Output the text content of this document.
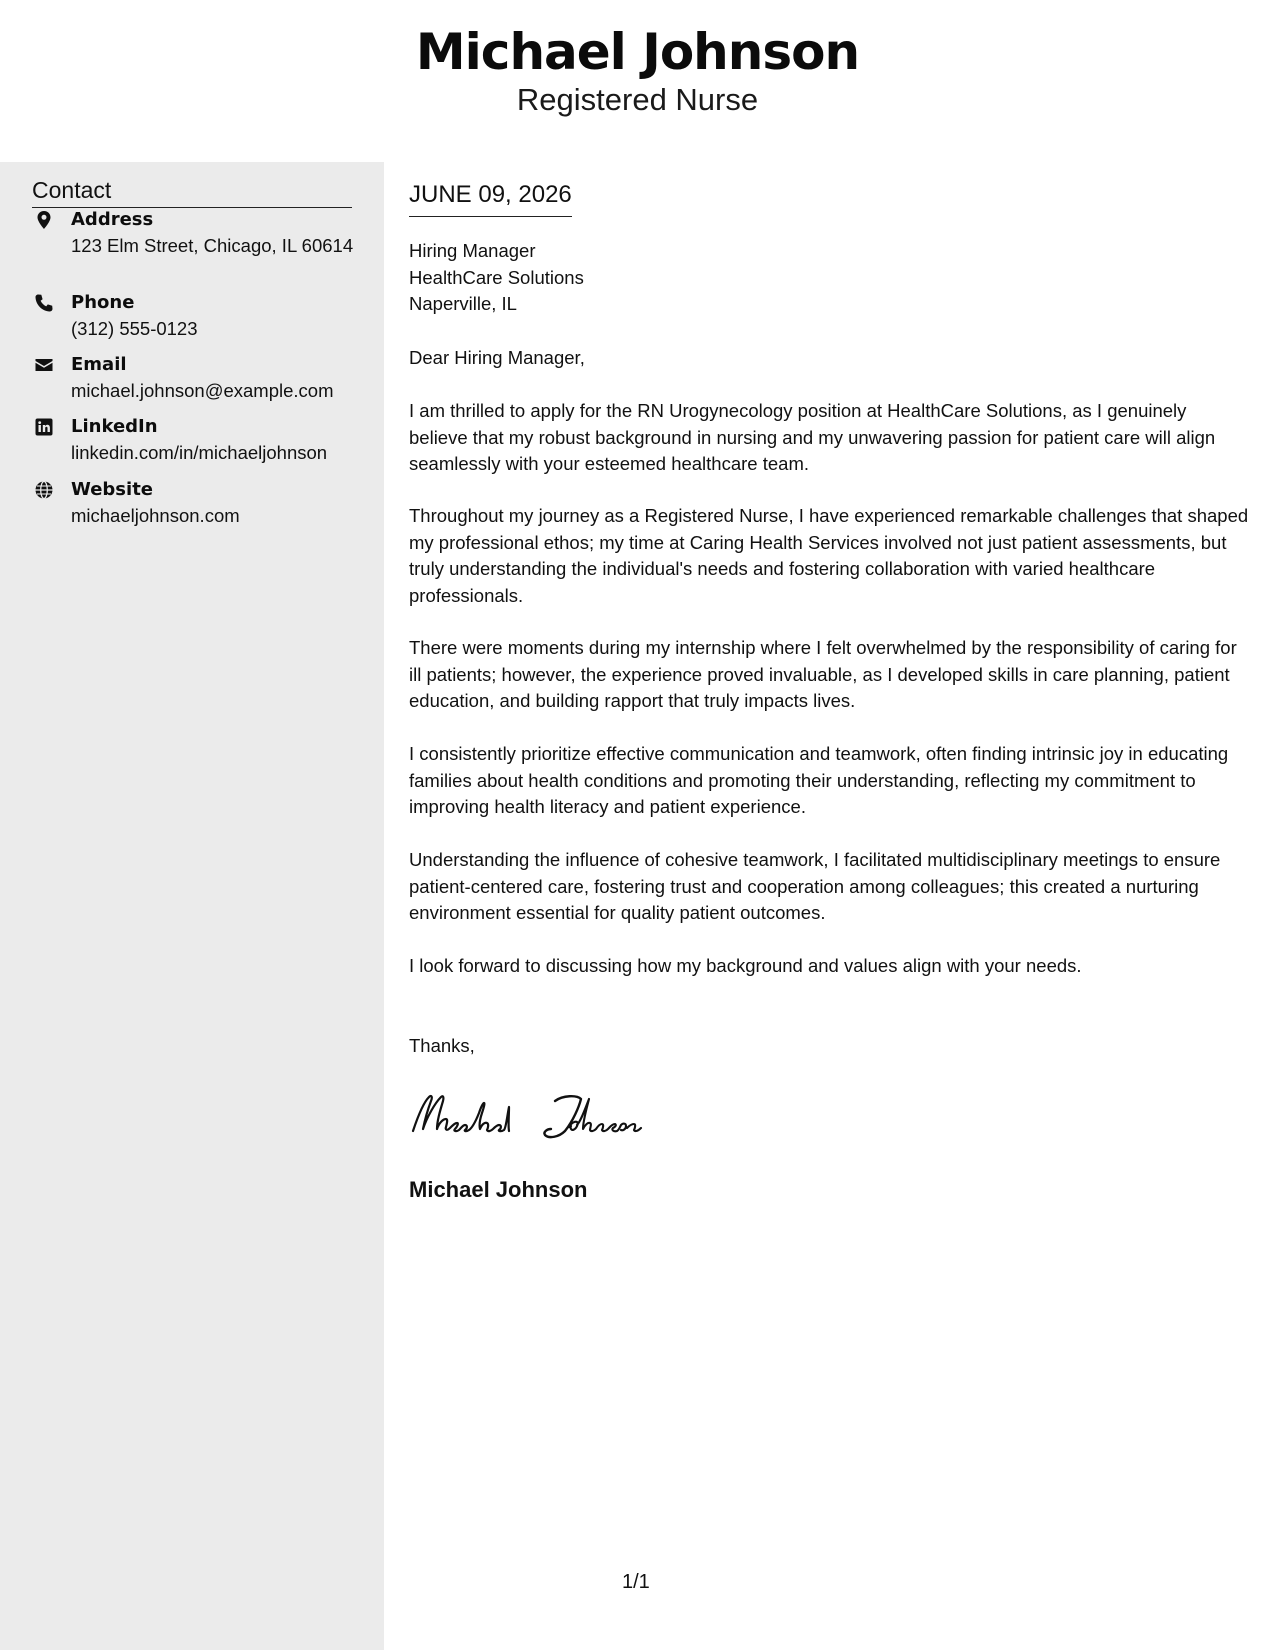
Michael Johnson
Registered Nurse
Contact
Address
123 Elm Street, Chicago, IL 60614
Phone
(312) 555-0123
Email
michael.johnson@example.com
LinkedIn
linkedin.com/in/michaeljohnson
Website
michaeljohnson.com
JUNE 09, 2026
Hiring Manager
HealthCare Solutions
Naperville, IL
Dear Hiring Manager,
I am thrilled to apply for the RN Urogynecology position at HealthCare Solutions, as I genuinely believe that my robust background in nursing and my unwavering passion for patient care will align seamlessly with your esteemed healthcare team.
Throughout my journey as a Registered Nurse, I have experienced remarkable challenges that shaped my professional ethos; my time at Caring Health Services involved not just patient assessments, but truly understanding the individual's needs and fostering collaboration with varied healthcare professionals.
There were moments during my internship where I felt overwhelmed by the responsibility of caring for ill patients; however, the experience proved invaluable, as I developed skills in care planning, patient education, and building rapport that truly impacts lives.
I consistently prioritize effective communication and teamwork, often finding intrinsic joy in educating families about health conditions and promoting their understanding, reflecting my commitment to improving health literacy and patient experience.
Understanding the influence of cohesive teamwork, I facilitated multidisciplinary meetings to ensure patient-centered care, fostering trust and cooperation among colleagues; this created a nurturing environment essential for quality patient outcomes.
I look forward to discussing how my background and values align with your needs.
Thanks,
Michael Johnson
1/1
